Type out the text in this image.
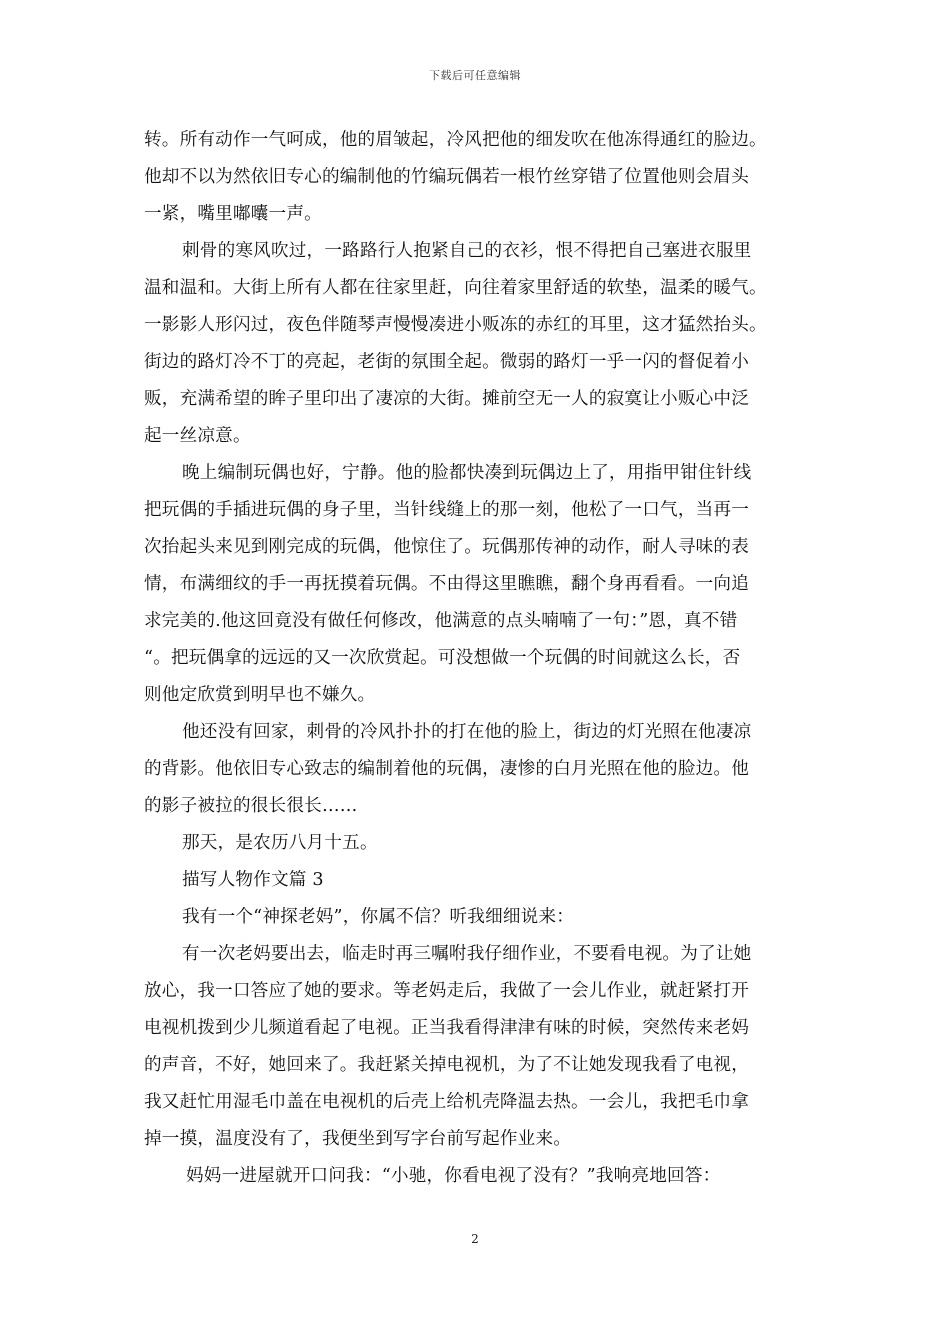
下载后可任意编辑
转。所有动作一气呵成，他的眉皱起，冷风把他的细发吹在他冻得通红的脸边。
他却不以为然依旧专心的编制他的竹编玩偶若一根竹丝穿错了位置他则会眉头
一紧，嘴里嘟囔一声。
刺骨的寒风吹过，一路路行人抱紧自己的衣衫，恨不得把自己塞进衣服里
温和温和。大街上所有人都在往家里赶，向往着家里舒适的软垫，温柔的暖气。
一影影人形闪过，夜色伴随琴声慢慢凑进小贩冻的赤红的耳里，这才猛然抬头。
街边的路灯冷不丁的亮起，老街的氛围全起。微弱的路灯一乎一闪的督促着小
贩，充满希望的眸子里印出了凄凉的大街。摊前空无一人的寂寞让小贩心中泛
起一丝凉意。
晚上编制玩偶也好，宁静。他的脸都快凑到玩偶边上了，用指甲钳住针线
把玩偶的手插进玩偶的身子里，当针线缝上的那一刻，他松了一口气，当再一
次抬起头来见到刚完成的玩偶，他惊住了。玩偶那传神的动作，耐人寻味的表
情，布满细纹的手一再抚摸着玩偶。不由得这里瞧瞧，翻个身再看看。一向追
求完美的.他这回竟没有做任何修改，他满意的点头喃喃了一句：”恩，真不错
“。把玩偶拿的远远的又一次欣赏起。可没想做一个玩偶的时间就这么长，否
则他定欣赏到明早也不嫌久。
他还没有回家，刺骨的冷风扑扑的打在他的脸上，街边的灯光照在他凄凉
的背影。他依旧专心致志的编制着他的玩偶，凄惨的白月光照在他的脸边。他
的影子被拉的很长很长……
那天，是农历八月十五。
描写人物作文篇 3
我有一个“神探老妈”，你属不信？听我细细说来：
有一次老妈要出去，临走时再三嘱咐我仔细作业，不要看电视。为了让她
放心，我一口答应了她的要求。等老妈走后，我做了一会儿作业，就赶紧打开
电视机拨到少儿频道看起了电视。正当我看得津津有味的时候，突然传来老妈
的声音，不好，她回来了。我赶紧关掉电视机，为了不让她发现我看了电视，
我又赶忙用湿毛巾盖在电视机的后壳上给机壳降温去热。一会儿，我把毛巾拿
掉一摸，温度没有了，我便坐到写字台前写起作业来。
妈妈一进屋就开口问我：“小驰，你看电视了没有？”我响亮地回答：
2
